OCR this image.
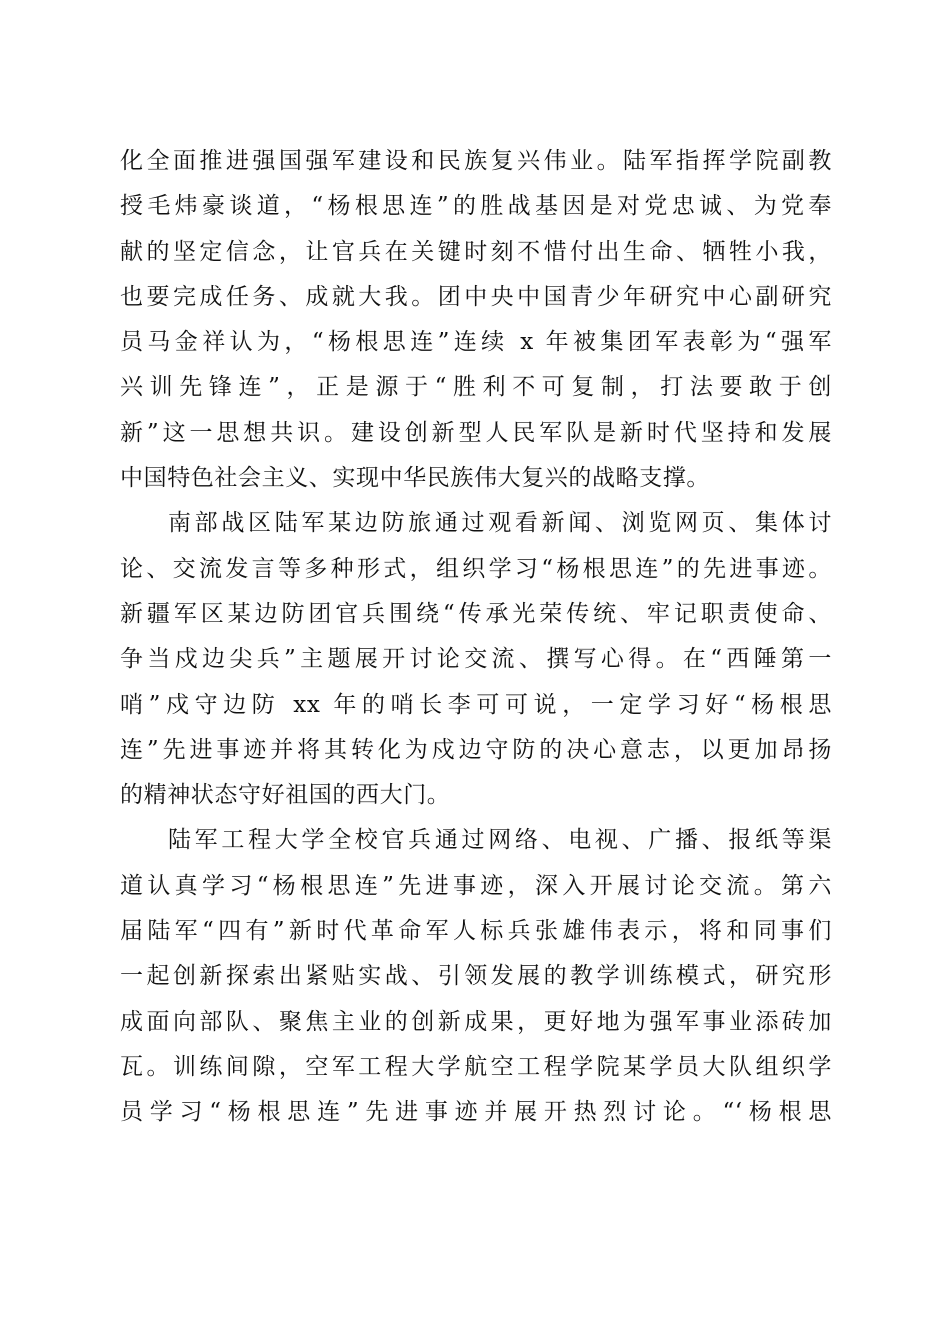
化全面推进强国强军建设和民族复兴伟业。陆军指挥学院副教
授毛炜豪谈道，“杨根思连”的胜战基因是对党忠诚、为党奉
献的坚定信念，让官兵在关键时刻不惜付出生命、牺牲小我，
也要完成任务、成就大我。团中央中国青少年研究中心副研究
员马金祥认为，“杨根思连”连续 x 年被集团军表彰为“强军
兴训先锋连”，正是源于“胜利不可复制，打法要敢于创
新”这一思想共识。建设创新型人民军队是新时代坚持和发展
中国特色社会主义、实现中华民族伟大复兴的战略支撑。
南部战区陆军某边防旅通过观看新闻、浏览网页、集体讨
论、交流发言等多种形式，组织学习“杨根思连”的先进事迹。
新疆军区某边防团官兵围绕“传承光荣传统、牢记职责使命、
争当戍边尖兵”主题展开讨论交流、撰写心得。在“西陲第一
哨”戍守边防 xx 年的哨长李可可说，一定学习好“杨根思
连”先进事迹并将其转化为戍边守防的决心意志，以更加昂扬
的精神状态守好祖国的西大门。
陆军工程大学全校官兵通过网络、电视、广播、报纸等渠
道认真学习“杨根思连”先进事迹，深入开展讨论交流。第六
届陆军“四有”新时代革命军人标兵张雄伟表示，将和同事们
一起创新探索出紧贴实战、引领发展的教学训练模式，研究形
成面向部队、聚焦主业的创新成果，更好地为强军事业添砖加
瓦。训练间隙，空军工程大学航空工程学院某学员大队组织学
员学习“杨根思连”先进事迹并展开热烈讨论。“‘杨根思
